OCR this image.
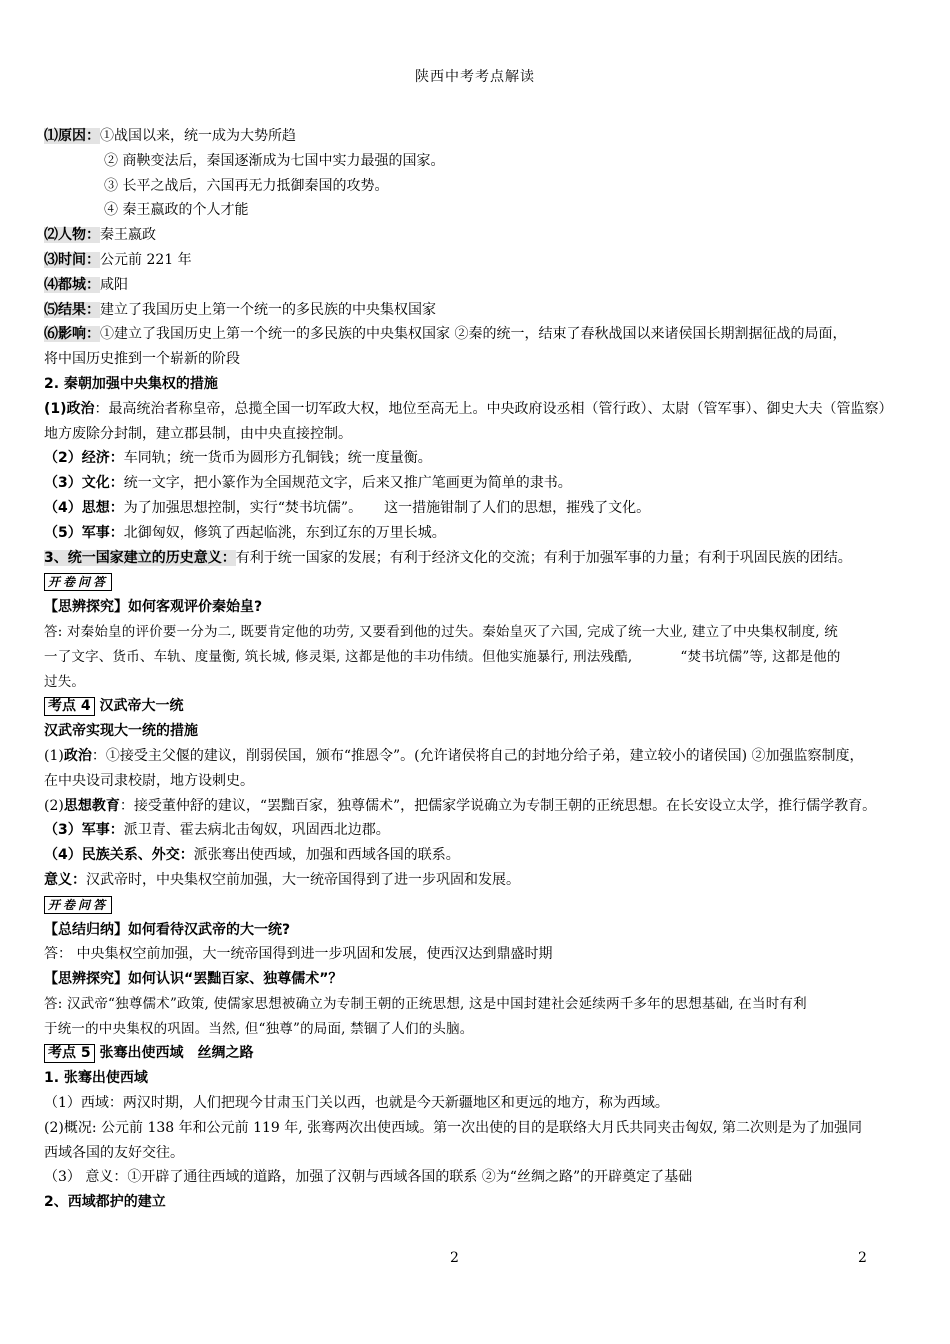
陕西中考考点解读
⑴原因：①战国以来，统一成为大势所趋
② 商鞅变法后，秦国逐渐成为七国中实力最强的国家。
③ 长平之战后，六国再无力抵御秦国的攻势。
④ 秦王嬴政的个人才能
⑵人物：秦王嬴政
⑶时间：公元前 221 年
⑷都城：咸阳
⑸结果：建立了我国历史上第一个统一的多民族的中央集权国家
⑹影响：①建立了我国历史上第一个统一的多民族的中央集权国家 ②秦的统一，结束了春秋战国以来诸侯国长期割据征战的局面，
将中国历史推到一个崭新的阶段
2. 秦朝加强中央集权的措施
(1)政治：最高统治者称皇帝，总揽全国一切军政大权，地位至高无上。中央政府设丞相（管行政）、太尉（管军事）、御史大夫（管监察）
地方废除分封制，建立郡县制，由中央直接控制。
（2）经济：车同轨；统一货币为圆形方孔铜钱；统一度量衡。
（3）文化：统一文字，把小篆作为全国规范文字，后来又推广笔画更为简单的隶书。
（4）思想：为了加强思想控制，实行“焚书坑儒”。 这一措施钳制了人们的思想，摧残了文化。
（5）军事：北御匈奴，修筑了西起临洮，东到辽东的万里长城。
3、统一国家建立的历史意义：有利于统一国家的发展；有利于经济文化的交流；有利于加强军事的力量；有利于巩固民族的团结。
开卷问答
【思辨探究】如何客观评价秦始皇?
答: 对秦始皇的评价要一分为二, 既要肯定他的功劳, 又要看到他的过失。秦始皇灭了六国, 完成了统一大业, 建立了中央集权制度, 统
一了文字、货币、车轨、度量衡, 筑长城, 修灵渠, 这都是他的丰功伟绩。但他实施暴行, 刑法残酷,	“焚书坑儒”等, 这都是他的
过失。
考点 4 汉武帝大一统
汉武帝实现大一统的措施
(1)政治：①接受主父偃的建议，削弱侯国，颁布“推恩令”。(允许诸侯将自己的封地分给子弟，建立较小的诸侯国) ②加强监察制度，
在中央设司隶校尉，地方设刺史。
(2)思想教育：接受董仲舒的建议，“罢黜百家，独尊儒术”，把儒家学说确立为专制王朝的正统思想。在长安设立太学，推行儒学教育。
（3）军事：派卫青、霍去病北击匈奴，巩固西北边郡。
（4）民族关系、外交：派张骞出使西域，加强和西域各国的联系。
意义：汉武帝时，中央集权空前加强，大一统帝国得到了进一步巩固和发展。
开卷问答
【总结归纳】如何看待汉武帝的大一统?
答： 中央集权空前加强，大一统帝国得到进一步巩固和发展，使西汉达到鼎盛时期
【思辨探究】如何认识“罢黜百家、独尊儒术”？
答: 汉武帝“独尊儒术”政策, 使儒家思想被确立为专制王朝的正统思想, 这是中国封建社会延续两千多年的思想基础, 在当时有利
于统一的中央集权的巩固。当然, 但“独尊”的局面, 禁锢了人们的头脑。
考点 5 张骞出使西域　丝绸之路
1. 张骞出使西域
（1）西域：两汉时期，人们把现今甘肃玉门关以西，也就是今天新疆地区和更远的地方，称为西域。
(2)概况: 公元前 138 年和公元前 119 年, 张骞两次出使西域。第一次出使的目的是联络大月氏共同夹击匈奴, 第二次则是为了加强同
西域各国的友好交往。
（3） 意义：①开辟了通往西域的道路，加强了汉朝与西域各国的联系 ②为“丝绸之路”的开辟奠定了基础
2、西域都护的建立
2	2
